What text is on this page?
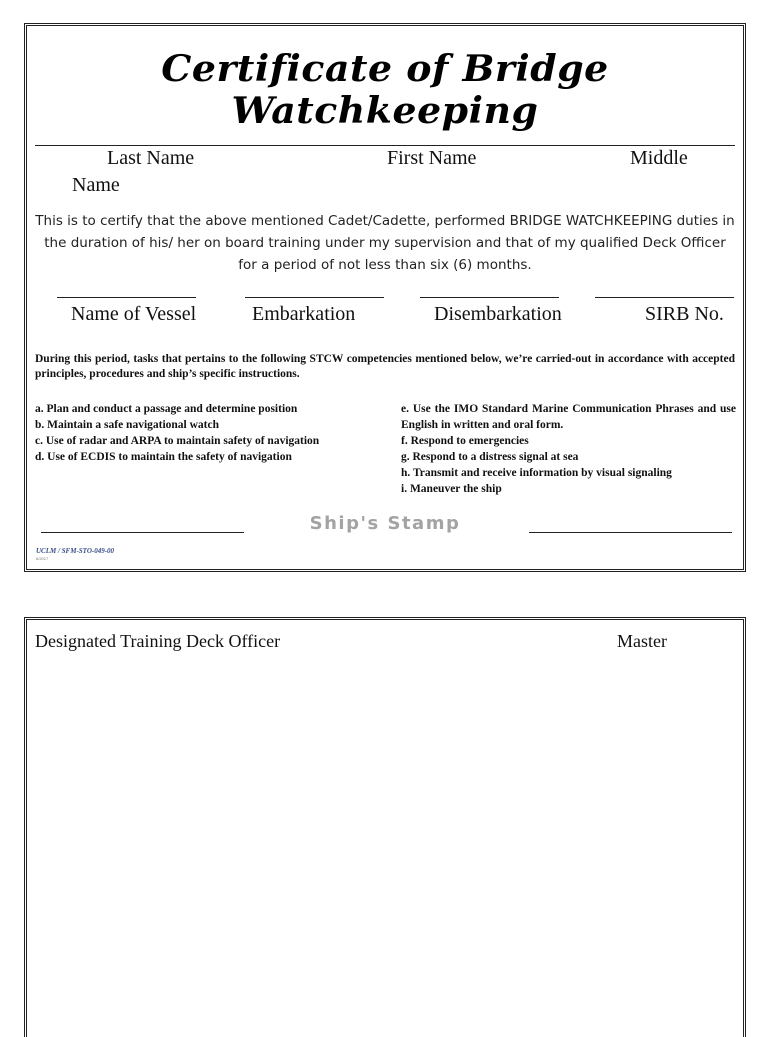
Certificate of Bridge Watchkeeping
Last Name	First Name	Middle
Name
This is to certify that the above mentioned Cadet/Cadette, performed BRIDGE WATCHKEEPING duties in the duration of his/ her on board training under my supervision and that of my qualified Deck Officer for a period of not less than six (6) months.
Name of Vessel	Embarkation	Disembarkation	SIRB No.
During this period, tasks that pertains to the following STCW competencies mentioned below, we’re carried-out in accordance with accepted principles, procedures and ship’s specific instructions.
a. Plan and conduct a passage and determine position
b. Maintain a safe navigational watch
c. Use of radar and ARPA to maintain safety of navigation
d. Use of ECDIS to maintain the safety of navigation
e. Use the IMO Standard Marine Communication Phrases and use English in written and oral form.
f. Respond to emergencies
g. Respond to a distress signal at sea
h. Transmit and receive information by visual signaling
i. Maneuver the ship
Ship's Stamp
UCLM / SFM-STO-049-00
6/2017
Designated Training Deck Officer	Master
